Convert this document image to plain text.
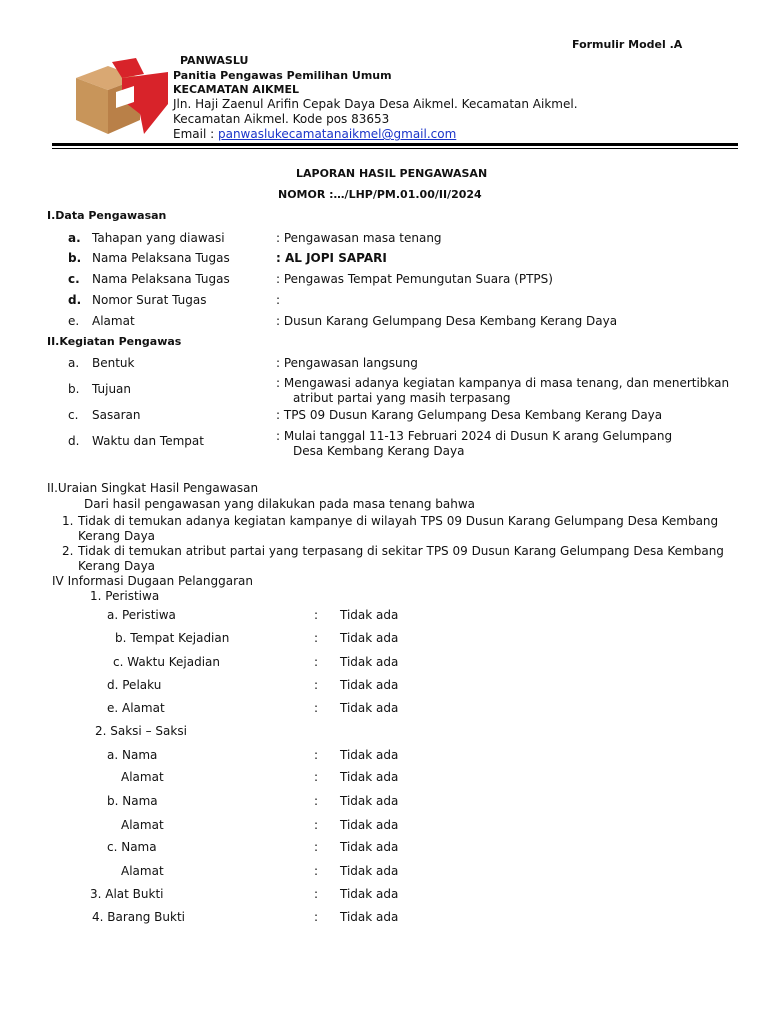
Formulir Model .A
PANWASLU
Panitia Pengawas Pemilihan Umum
KECAMATAN AIKMEL
Jln. Haji Zaenul Arifin Cepak Daya Desa Aikmel. Kecamatan Aikmel.
Kecamatan Aikmel. Kode pos 83653
Email : panwaslukecamatanaikmel@gmail.com
LAPORAN HASIL PENGAWASAN
NOMOR :…/LHP/PM.01.00/II/2024
I.Data Pengawasan
a. Tahapan yang diawasi	: Pengawasan masa tenang
b. Nama Pelaksana Tugas	: AL JOPI SAPARI
c. Nama Pelaksana Tugas	: Pengawas Tempat Pemungutan Suara (PTPS)
d. Nomor Surat Tugas	:
e. Alamat	: Dusun Karang Gelumpang Desa Kembang Kerang Daya
II.Kegiatan Pengawas
a. Bentuk	: Pengawasan langsung
b. Tujuan	: Mengawasi adanya kegiatan kampanya di masa tenang, dan menertibkan
atribut partai yang masih terpasang
c. Sasaran	: TPS 09 Dusun Karang Gelumpang Desa Kembang Kerang Daya
d. Waktu dan Tempat	: Mulai tanggal 11-13 Februari 2024 di Dusun K arang Gelumpang
Desa Kembang Kerang Daya
II.Uraian Singkat Hasil Pengawasan
Dari hasil pengawasan yang dilakukan pada masa tenang bahwa
1. Tidak di temukan adanya kegiatan kampanye di wilayah TPS 09 Dusun Karang Gelumpang Desa Kembang
Kerang Daya
2. Tidak di temukan atribut partai yang terpasang di sekitar TPS 09 Dusun Karang Gelumpang Desa Kembang
Kerang Daya
IV Informasi Dugaan Pelanggaran
1. Peristiwa
a. Peristiwa	: Tidak ada
b. Tempat Kejadian	: Tidak ada
c. Waktu Kejadian	: Tidak ada
d. Pelaku	: Tidak ada
e. Alamat	: Tidak ada
2. Saksi – Saksi
a. Nama	: Tidak ada
Alamat	: Tidak ada
b. Nama	: Tidak ada
Alamat	: Tidak ada
c. Nama	: Tidak ada
Alamat	: Tidak ada
3. Alat Bukti	: Tidak ada
4. Barang Bukti	: Tidak ada
